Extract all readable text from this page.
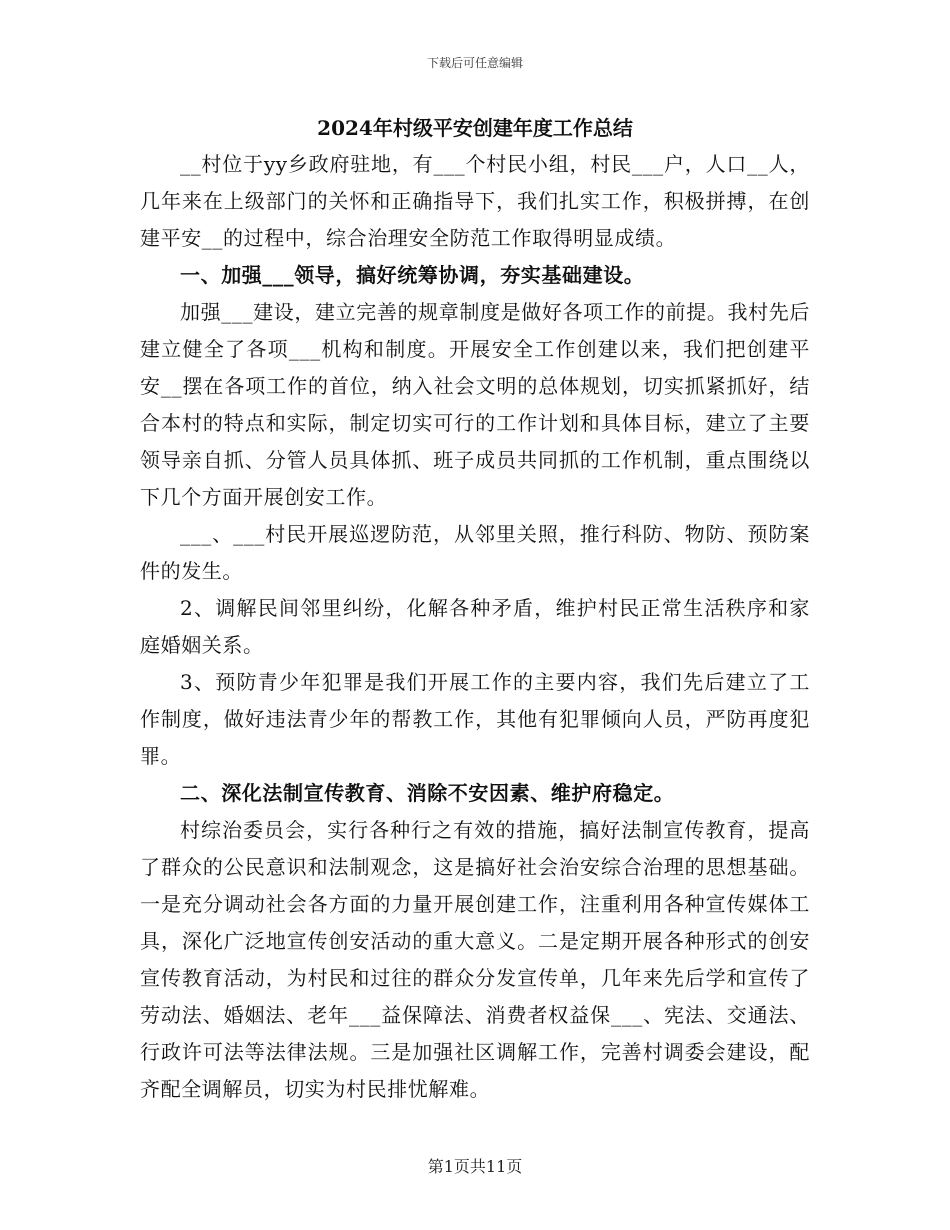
下载后可任意编辑
2024年村级平安创建年度工作总结

__村位于yy乡政府驻地，有___个村民小组，村民___户，人口__人，几年来在上级部门的关怀和正确指导下，我们扎实工作，积极拼搏，在创建平安__的过程中，综合治理安全防范工作取得明显成绩。

一、加强___领导，搞好统筹协调，夯实基础建设。

加强___建设，建立完善的规章制度是做好各项工作的前提。我村先后建立健全了各项___机构和制度。开展安全工作创建以来，我们把创建平安__摆在各项工作的首位，纳入社会文明的总体规划，切实抓紧抓好，结合本村的特点和实际，制定切实可行的工作计划和具体目标，建立了主要领导亲自抓、分管人员具体抓、班子成员共同抓的工作机制，重点围绕以下几个方面开展创安工作。

___、___村民开展巡逻防范，从邻里关照，推行科防、物防、预防案件的发生。

2、调解民间邻里纠纷，化解各种矛盾，维护村民正常生活秩序和家庭婚姻关系。

3、预防青少年犯罪是我们开展工作的主要内容，我们先后建立了工作制度，做好违法青少年的帮教工作，其他有犯罪倾向人员，严防再度犯罪。

二、深化法制宣传教育、消除不安因素、维护府稳定。

村综治委员会，实行各种行之有效的措施，搞好法制宣传教育，提高了群众的公民意识和法制观念，这是搞好社会治安综合治理的思想基础。一是充分调动社会各方面的力量开展创建工作，注重利用各种宣传媒体工具，深化广泛地宣传创安活动的重大意义。二是定期开展各种形式的创安宣传教育活动，为村民和过往的群众分发宣传单，几年来先后学和宣传了劳动法、婚姻法、老年___益保障法、消费者权益保___、宪法、交通法、行政许可法等法律法规。三是加强社区调解工作，完善村调委会建设，配齐配全调解员，切实为村民排忧解难。

第1页共11页
